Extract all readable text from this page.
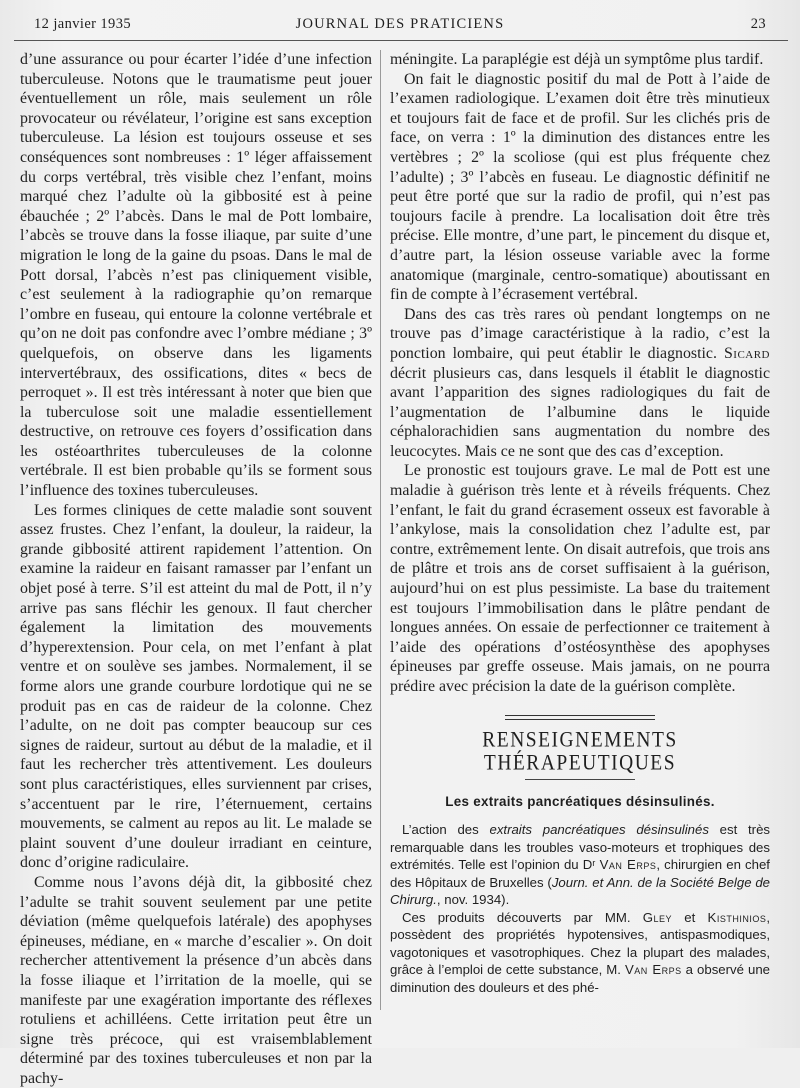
12 janvier 1935	JOURNAL DES PRATICIENS	23

d’une assurance ou pour écarter l’idée d’une infection tuberculeuse. Notons que le traumatisme peut jouer éventuellement un rôle, mais seulement un rôle provocateur ou révélateur, l’origine est sans exception tuberculeuse. La lésion est toujours osseuse et ses conséquences sont nombreuses : 1º léger affaissement du corps vertébral, très visible chez l’enfant, moins marqué chez l’adulte où la gibbosité est à peine ébauchée ; 2º l’abcès. Dans le mal de Pott lombaire, l’abcès se trouve dans la fosse iliaque, par suite d’une migration le long de la gaine du psoas. Dans le mal de Pott dorsal, l’abcès n’est pas cliniquement visible, c’est seulement à la radiographie qu’on remarque l’ombre en fuseau, qui entoure la colonne vertébrale et qu’on ne doit pas confondre avec l’ombre médiane ; 3º quelquefois, on observe dans les ligaments intervertébraux, des ossifications, dites « becs de perroquet ». Il est très intéressant à noter que bien que la tuberculose soit une maladie essentiellement destructive, on retrouve ces foyers d’ossification dans les ostéoarthrites tuberculeuses de la colonne vertébrale. Il est bien probable qu’ils se forment sous l’influence des toxines tuberculeuses.

Les formes cliniques de cette maladie sont souvent assez frustes. Chez l’enfant, la douleur, la raideur, la grande gibbosité attirent rapidement l’attention. On examine la raideur en faisant ramasser par l’enfant un objet posé à terre. S’il est atteint du mal de Pott, il n’y arrive pas sans fléchir les genoux. Il faut chercher également la limitation des mouvements d’hyperextension. Pour cela, on met l’enfant à plat ventre et on soulève ses jambes. Normalement, il se forme alors une grande courbure lordotique qui ne se produit pas en cas de raideur de la colonne. Chez l’adulte, on ne doit pas compter beaucoup sur ces signes de raideur, surtout au début de la maladie, et il faut les rechercher très attentivement. Les douleurs sont plus caractéristiques, elles surviennent par crises, s’accentuent par le rire, l’éternuement, certains mouvements, se calment au repos au lit. Le malade se plaint souvent d’une douleur irradiant en ceinture, donc d’origine radiculaire.

Comme nous l’avons déjà dit, la gibbosité chez l’adulte se trahit souvent seulement par une petite déviation (même quelquefois latérale) des apophyses épineuses, médiane, en « marche d’escalier ». On doit rechercher attentivement la présence d’un abcès dans la fosse iliaque et l’irritation de la moelle, qui se manifeste par une exagération importante des réflexes rotuliens et achilléens. Cette irritation peut être un signe très précoce, qui est vraisemblablement déterminé par des toxines tuberculeuses et non par la pachy-

méningite. La paraplégie est déjà un symptôme plus tardif.

On fait le diagnostic positif du mal de Pott à l’aide de l’examen radiologique. L’examen doit être très minutieux et toujours fait de face et de profil. Sur les clichés pris de face, on verra : 1º la diminution des distances entre les vertèbres ; 2º la scoliose (qui est plus fréquente chez l’adulte) ; 3º l’abcès en fuseau. Le diagnostic définitif ne peut être porté que sur la radio de profil, qui n’est pas toujours facile à prendre. La localisation doit être très précise. Elle montre, d’une part, le pincement du disque et, d’autre part, la lésion osseuse variable avec la forme anatomique (marginale, centro-somatique) aboutissant en fin de compte à l’écrasement vertébral.

Dans des cas très rares où pendant longtemps on ne trouve pas d’image caractéristique à la radio, c’est la ponction lombaire, qui peut établir le diagnostic. Sicard décrit plusieurs cas, dans lesquels il établit le diagnostic avant l’apparition des signes radiologiques du fait de l’augmentation de l’albumine dans le liquide céphalorachidien sans augmentation du nombre des leucocytes. Mais ce ne sont que des cas d’exception.

Le pronostic est toujours grave. Le mal de Pott est une maladie à guérison très lente et à réveils fréquents. Chez l’enfant, le fait du grand écrasement osseux est favorable à l’ankylose, mais la consolidation chez l’adulte est, par contre, extrêmement lente. On disait autrefois, que trois ans de plâtre et trois ans de corset suffisaient à la guérison, aujourd’hui on est plus pessimiste. La base du traitement est toujours l’immobilisation dans le plâtre pendant de longues années. On essaie de perfectionner ce traitement à l’aide des opérations d’ostéosynthèse des apophyses épineuses par greffe osseuse. Mais jamais, on ne pourra prédire avec précision la date de la guérison complète.

RENSEIGNEMENTS THÉRAPEUTIQUES
Les extraits pancréatiques désinsulinés.

L’action des extraits pancréatiques désinsulinés est très remarquable dans les troubles vaso-moteurs et trophiques des extrémités. Telle est l’opinion du Dʳ Van Erps, chirurgien en chef des Hôpitaux de Bruxelles (Journ. et Ann. de la Société Belge de Chirurg., nov. 1934).

Ces produits découverts par MM. Gley et Kisthinios, possèdent des propriétés hypotensives, antispasmodiques, vagotoniques et vasotrophiques. Chez la plupart des malades, grâce à l’emploi de cette substance, M. Van Erps a observé une diminution des douleurs et des phé-
